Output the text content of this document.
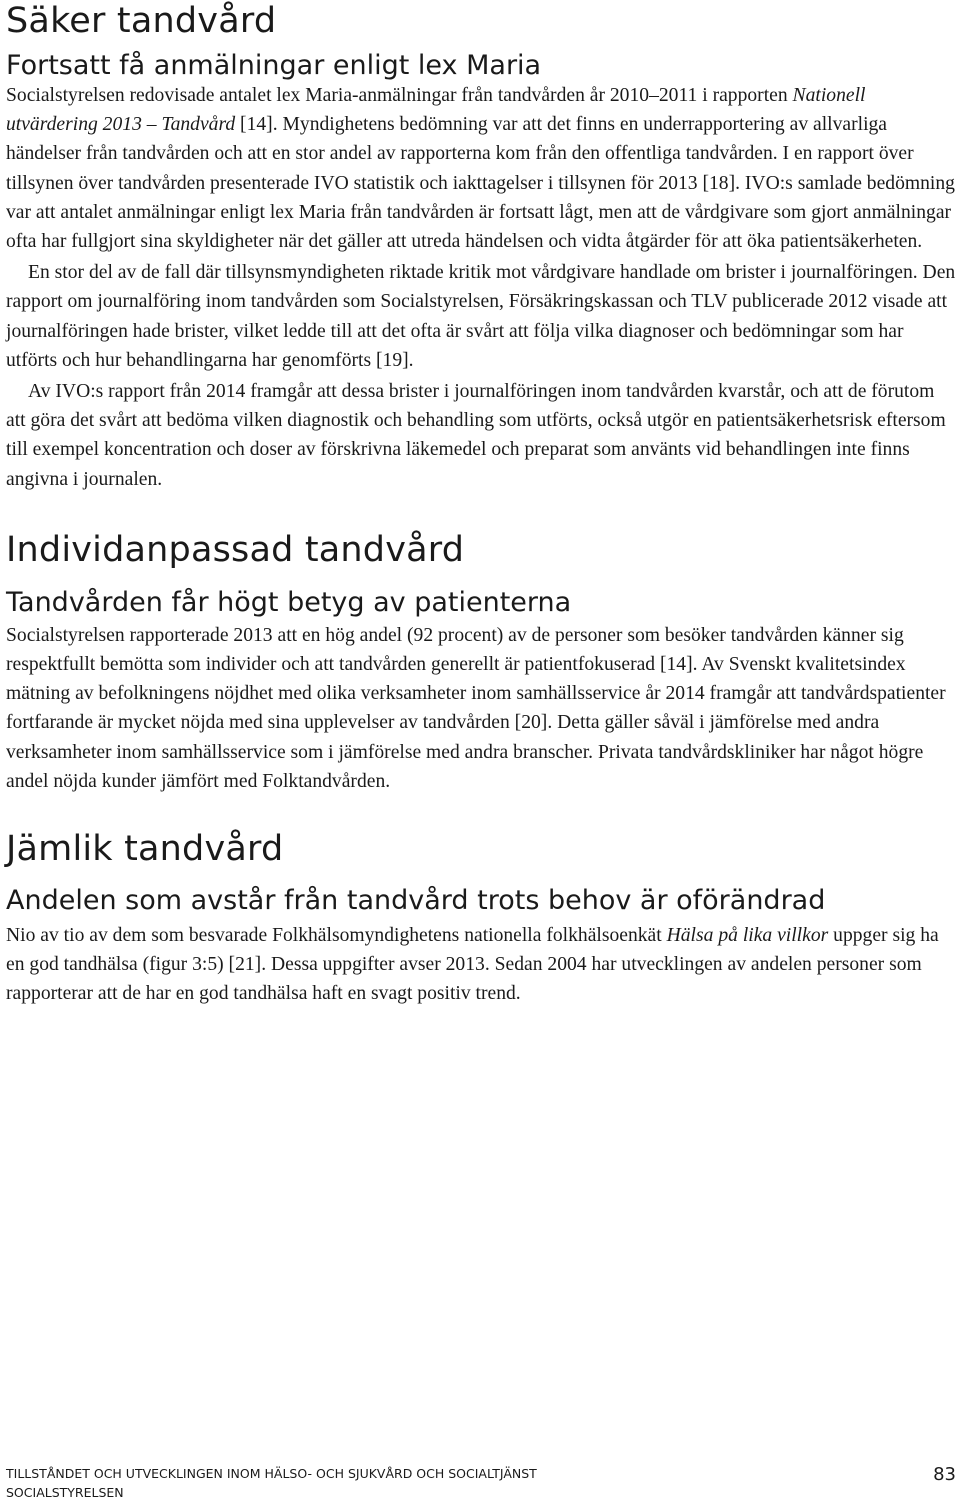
Säker tandvård
Fortsatt få anmälningar enligt lex Maria

Socialstyrelsen redovisade antalet lex Maria-anmälningar från tandvården år 2010–2011 i rapporten Nationell utvärdering 2013 – Tandvård [14]. Myndighetens bedömning var att det finns en underrapportering av allvarliga händelser från tandvården och att en stor andel av rapporterna kom från den offentliga tandvården. I en rapport över tillsynen över tandvården presenterade IVO statistik och iakttagelser i tillsynen för 2013 [18]. IVO:s samlade bedömning var att antalet anmälningar enligt lex Maria från tandvården är fortsatt lågt, men att de vårdgivare som gjort anmälningar ofta har fullgjort sina skyldigheter när det gäller att utreda händelsen och vidta åtgärder för att öka patientsäkerheten.

En stor del av de fall där tillsynsmyndigheten riktade kritik mot vårdgivare handlade om brister i journalföringen. Den rapport om journalföring inom tandvården som Socialstyrelsen, Försäkringskassan och TLV publicerade 2012 visade att journalföringen hade brister, vilket ledde till att det ofta är svårt att följa vilka diagnoser och bedömningar som har utförts och hur behandlingarna har genomförts [19].

Av IVO:s rapport från 2014 framgår att dessa brister i journalföringen inom tandvården kvarstår, och att de förutom att göra det svårt att bedöma vilken diagnostik och behandling som utförts, också utgör en patientsäkerhetsrisk eftersom till exempel koncentration och doser av förskrivna läkemedel och preparat som använts vid behandlingen inte finns angivna i journalen.

Individanpassad tandvård
Tandvården får högt betyg av patienterna

Socialstyrelsen rapporterade 2013 att en hög andel (92 procent) av de personer som besöker tandvården känner sig respektfullt bemötta som individer och att tandvården generellt är patientfokuserad [14]. Av Svenskt kvalitetsindex mätning av befolkningens nöjdhet med olika verksamheter inom samhällsservice år 2014 framgår att tandvårdspatienter fortfarande är mycket nöjda med sina upplevelser av tandvården [20]. Detta gäller såväl i jämförelse med andra verksamheter inom samhällsservice som i jämförelse med andra branscher. Privata tandvårdskliniker har något högre andel nöjda kunder jämfört med Folktandvården.

Jämlik tandvård
Andelen som avstår från tandvård trots behov är oförändrad

Nio av tio av dem som besvarade Folkhälsomyndighetens nationella folkhälsoenkät Hälsa på lika villkor uppger sig ha en god tandhälsa (figur 3:5) [21]. Dessa uppgifter avser 2013. Sedan 2004 har utvecklingen av andelen personer som rapporterar att de har en god tandhälsa haft en svagt positiv trend.

TILLSTÅNDET OCH UTVECKLINGEN INOM HÄLSO- OCH SJUKVÅRD OCH SOCIALTJÄNST
SOCIALSTYRELSEN
83
